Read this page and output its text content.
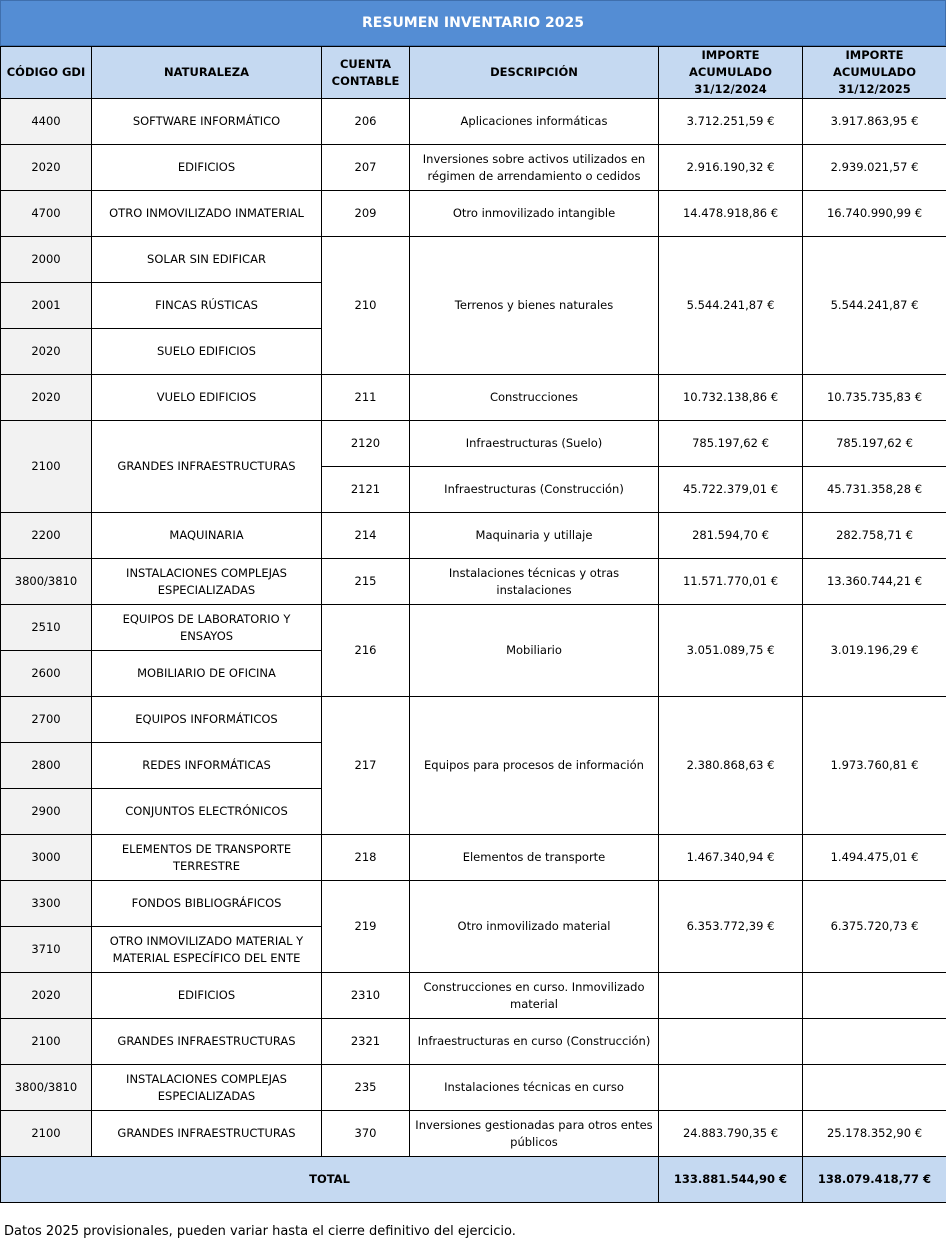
RESUMEN INVENTARIO 2025
CÓDIGO GDI	NATURALEZA	CUENTA CONTABLE	DESCRIPCIÓN	IMPORTE ACUMULADO 31/12/2024	IMPORTE ACUMULADO 31/12/2025
4400	SOFTWARE INFORMÁTICO	206	Aplicaciones informáticas	3.712.251,59 €	3.917.863,95 €
2020	EDIFICIOS	207	Inversiones sobre activos utilizados en régimen de arrendamiento o cedidos	2.916.190,32 €	2.939.021,57 €
4700	OTRO INMOVILIZADO INMATERIAL	209	Otro inmovilizado intangible	14.478.918,86 €	16.740.990,99 €
2000	SOLAR SIN EDIFICAR	210	Terrenos y bienes naturales	5.544.241,87 €	5.544.241,87 €
2001	FINCAS RÚSTICAS				
2020	SUELO EDIFICIOS				
2020	VUELO EDIFICIOS	211	Construcciones	10.732.138,86 €	10.735.735,83 €
2100	GRANDES INFRAESTRUCTURAS	2120	Infraestructuras (Suelo)	785.197,62 €	785.197,62 €
		2121	Infraestructuras (Construcción)	45.722.379,01 €	45.731.358,28 €
2200	MAQUINARIA	214	Maquinaria y utillaje	281.594,70 €	282.758,71 €
3800/3810	INSTALACIONES COMPLEJAS ESPECIALIZADAS	215	Instalaciones técnicas y otras instalaciones	11.571.770,01 €	13.360.744,21 €
2510	EQUIPOS DE LABORATORIO Y ENSAYOS	216	Mobiliario	3.051.089,75 €	3.019.196,29 €
2600	MOBILIARIO DE OFICINA				
2700	EQUIPOS INFORMÁTICOS	217	Equipos para procesos de información	2.380.868,63 €	1.973.760,81 €
2800	REDES INFORMÁTICAS				
2900	CONJUNTOS ELECTRÓNICOS				
3000	ELEMENTOS DE TRANSPORTE TERRESTRE	218	Elementos de transporte	1.467.340,94 €	1.494.475,01 €
3300	FONDOS BIBLIOGRÁFICOS	219	Otro inmovilizado material	6.353.772,39 €	6.375.720,73 €
3710	OTRO INMOVILIZADO MATERIAL Y MATERIAL ESPECÍFICO DEL ENTE				
2020	EDIFICIOS	2310	Construcciones en curso. Inmovilizado material		
2100	GRANDES INFRAESTRUCTURAS	2321	Infraestructuras en curso (Construcción)		
3800/3810	INSTALACIONES COMPLEJAS ESPECIALIZADAS	235	Instalaciones técnicas en curso		
2100	GRANDES INFRAESTRUCTURAS	370	Inversiones gestionadas para otros entes públicos	24.883.790,35 €	25.178.352,90 €
TOTAL				133.881.544,90 €	138.079.418,77 €
Datos 2025 provisionales, pueden variar hasta el cierre definitivo del ejercicio.
